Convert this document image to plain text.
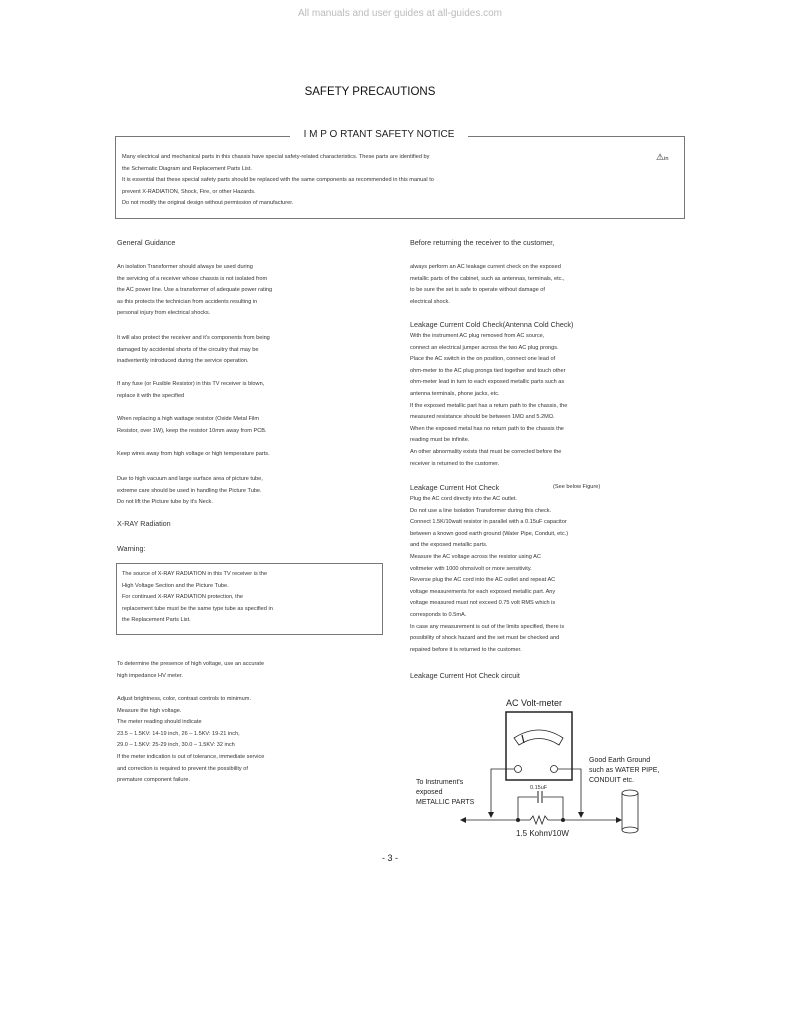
All manuals and user guides at all-guides.com
SAFETY PRECAUTIONS
I M P O RTANT SAFETY NOTICE
Many electrical and mechanical parts in this chassis have special safety-related characteristics. These parts are identified by
the Schematic Diagram and Replacement Parts List.
It is essential that these special safety parts should be replaced with the same components as recommended in this manual to
prevent X-RADIATION, Shock, Fire, or other Hazards.
Do not modify the original design without permission of manufacturer.
⚠in
General Guidance
An isolation Transformer should always be used during
the servicing of a receiver whose chassis is not isolated from
the AC power line. Use a transformer of adequate power rating
as this protects the technician from accidents resulting in
personal injury from electrical shocks.
It will also protect the receiver and it's components from being
damaged by accidental shorts of the circuitry that may be
inadvertently introduced during the service operation.
If any fuse (or Fusible Resistor) in this TV receiver is blown,
replace it with the specified
When replacing a high wattage resistor (Oxide Metal Film
Resistor, over 1W), keep the resistor 10mm away from PCB.
Keep wires away from high voltage or high temperature parts.
Due to high vacuum and large surface area of picture tube,
extreme care should be used in handling the Picture Tube.
Do not lift the Picture tube by it's Neck.
X-RAY Radiation
Warning:
The source of X-RAY RADIATION in this TV receiver is the
High Voltage Section and the Picture Tube.
For continued X-RAY RADIATION protection, the
replacement tube must be the same type tube as specified in
the Replacement Parts List.
To determine the presence of high voltage, use an accurate
high impedance HV meter.
Adjust brightness, color, contrast controls to minimum.
Measure the high voltage.
The meter reading should indicate
23.5 – 1.5KV: 14-19 inch, 26 – 1.5KV: 19-21 inch,
29.0 – 1.5KV: 25-29 inch, 30.0 – 1.5KV: 32 inch
If the meter indication is out of tolerance, immediate service
and correction is required to prevent the possibility of
premature component failure.
Before returning the receiver to the customer,
always perform an AC leakage current check on the exposed
metallic parts of the cabinet, such as antennas, terminals, etc.,
to be sure the set is safe to operate without damage of
electrical shock.
Leakage Current Cold Check(Antenna Cold Check)
With the instrument AC plug removed from AC source,
connect an electrical jumper across the two AC plug prongs.
Place the AC switch in the on position, connect one lead of
ohm-meter to the AC plug prongs tied together and touch other
ohm-meter lead in turn to each exposed metallic parts such as
antenna terminals, phone jacks, etc.
If the exposed metallic part has a return path to the chassis, the
measured resistance should be between 1MΩ and 5.2MΩ.
When the exposed metal has no return path to the chassis the
reading must be infinite.
An other abnormality exists that must be corrected before the
receiver is returned to the customer.
Leakage Current Hot Check	(See below Figure)
Plug the AC cord directly into the AC outlet.
Do not use a line Isolation Transformer during this check.
Connect 1.5K/10watt resistor in parallel with a 0.15uF capacitor
between a known good earth ground (Water Pipe, Conduit, etc.)
and the exposed metallic parts.
Measure the AC voltage across the resistor using AC
voltmeter with 1000 ohms/volt or more sensitivity.
Reverse plug the AC cord into the AC outlet and repeat AC
voltage measurements for each exposed metallic part. Any
voltage measured must not exceed 0.75 volt RMS which is
corresponds to 0.5mA.
In case any measurement is out of the limits specified, there is
possibility of shock hazard and the set must be checked and
repaired before it is returned to the customer.
Leakage Current Hot Check circuit
AC Volt-meter
0.15uF
1.5 Kohm/10W
Good Earth Ground
such as WATER PIPE,
CONDUIT etc.
To Instrument's
exposed
METALLIC PARTS
- 3 -
